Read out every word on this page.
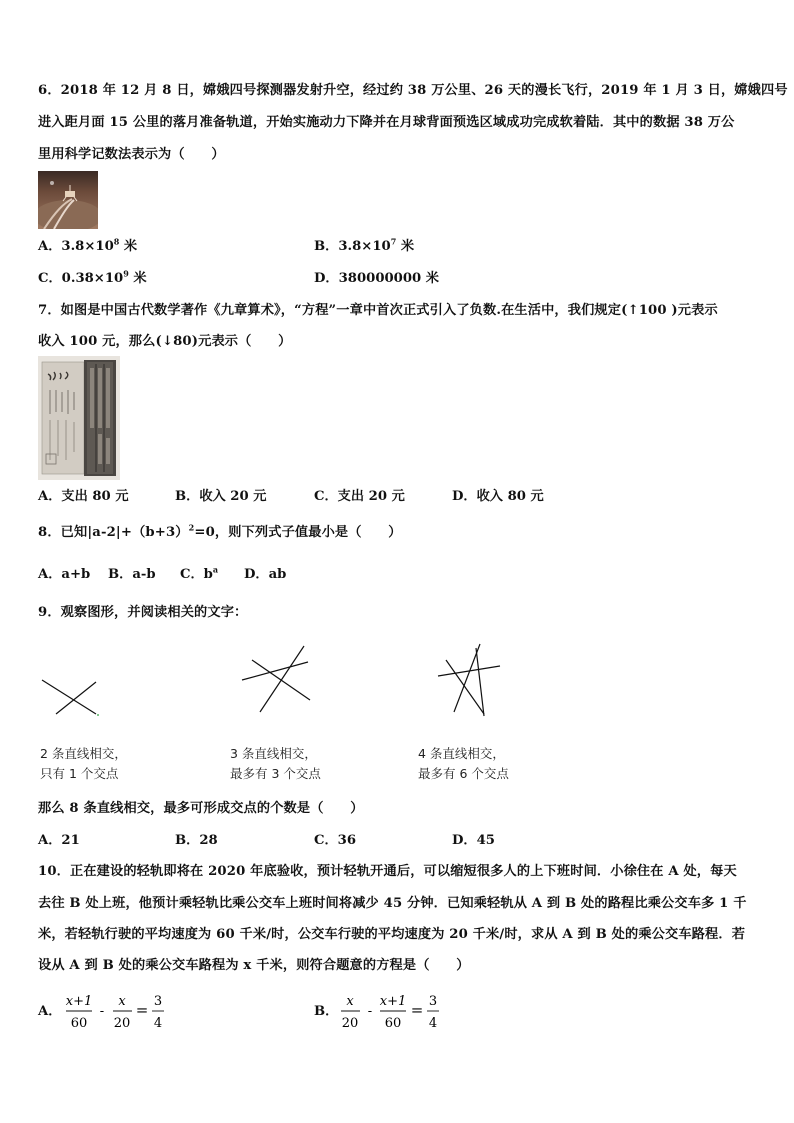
6．2018 年 12 月 8 日，嫦娥四号探测器发射升空，经过约 38 万公里、26 天的漫长飞行，2019 年 1 月 3 日，嫦娥四号
进入距月面 15 公里的落月准备轨道，开始实施动力下降并在月球背面预选区域成功完成软着陆．其中的数据 38 万公
里用科学记数法表示为（　　）
A．$3.8\times 10^8$ 米	B．$3.8\times 10^7$ 米
C．$0.38\times 10^9$ 米	D．380000000 米
7．如图是中国古代数学著作《九章算术》，“方程”一章中首次正式引入了负数.在生活中，我们规定(↑100 )元表示
收入 100 元，那么(↓80)元表示（　　）
A．支出 80 元	B．收入 20 元	C．支出 20 元	D．收入 80 元
8．已知$|a-2|+(b+3)^2=0$，则下列式子值最小是（　　）
A．a+b B．a-b C．$b^a$ D．ab
9．观察图形，并阅读相关的文字：
2 条直线相交，
只有 1 个交点
3 条直线相交，
最多有 3 个交点
4 条直线相交，
最多有 6 个交点
那么 8 条直线相交，最多可形成交点的个数是（　　）
A．21	B．28	C．36	D．45
10．正在建设的轻轨即将在 2020 年底验收，预计轻轨开通后，可以缩短很多人的上下班时间．小徐住在 A 处，每天
去往 B 处上班，他预计乘轻轨比乘公交车上班时间将减少 45 分钟．已知乘轻轨从 A 到 B 处的路程比乘公交车多 1 千
米，若轻轨行驶的平均速度为 60 千米/时，公交车行驶的平均速度为 20 千米/时，求从 A 到 B 处的乘公交车路程．若
设从 A 到 B 处的乘公交车路程为 x 千米，则符合题意的方程是（　　）
A．
x+1
60
-
x
20
= 3
4
B．
x
20
-
x+1
60
= 3
4
